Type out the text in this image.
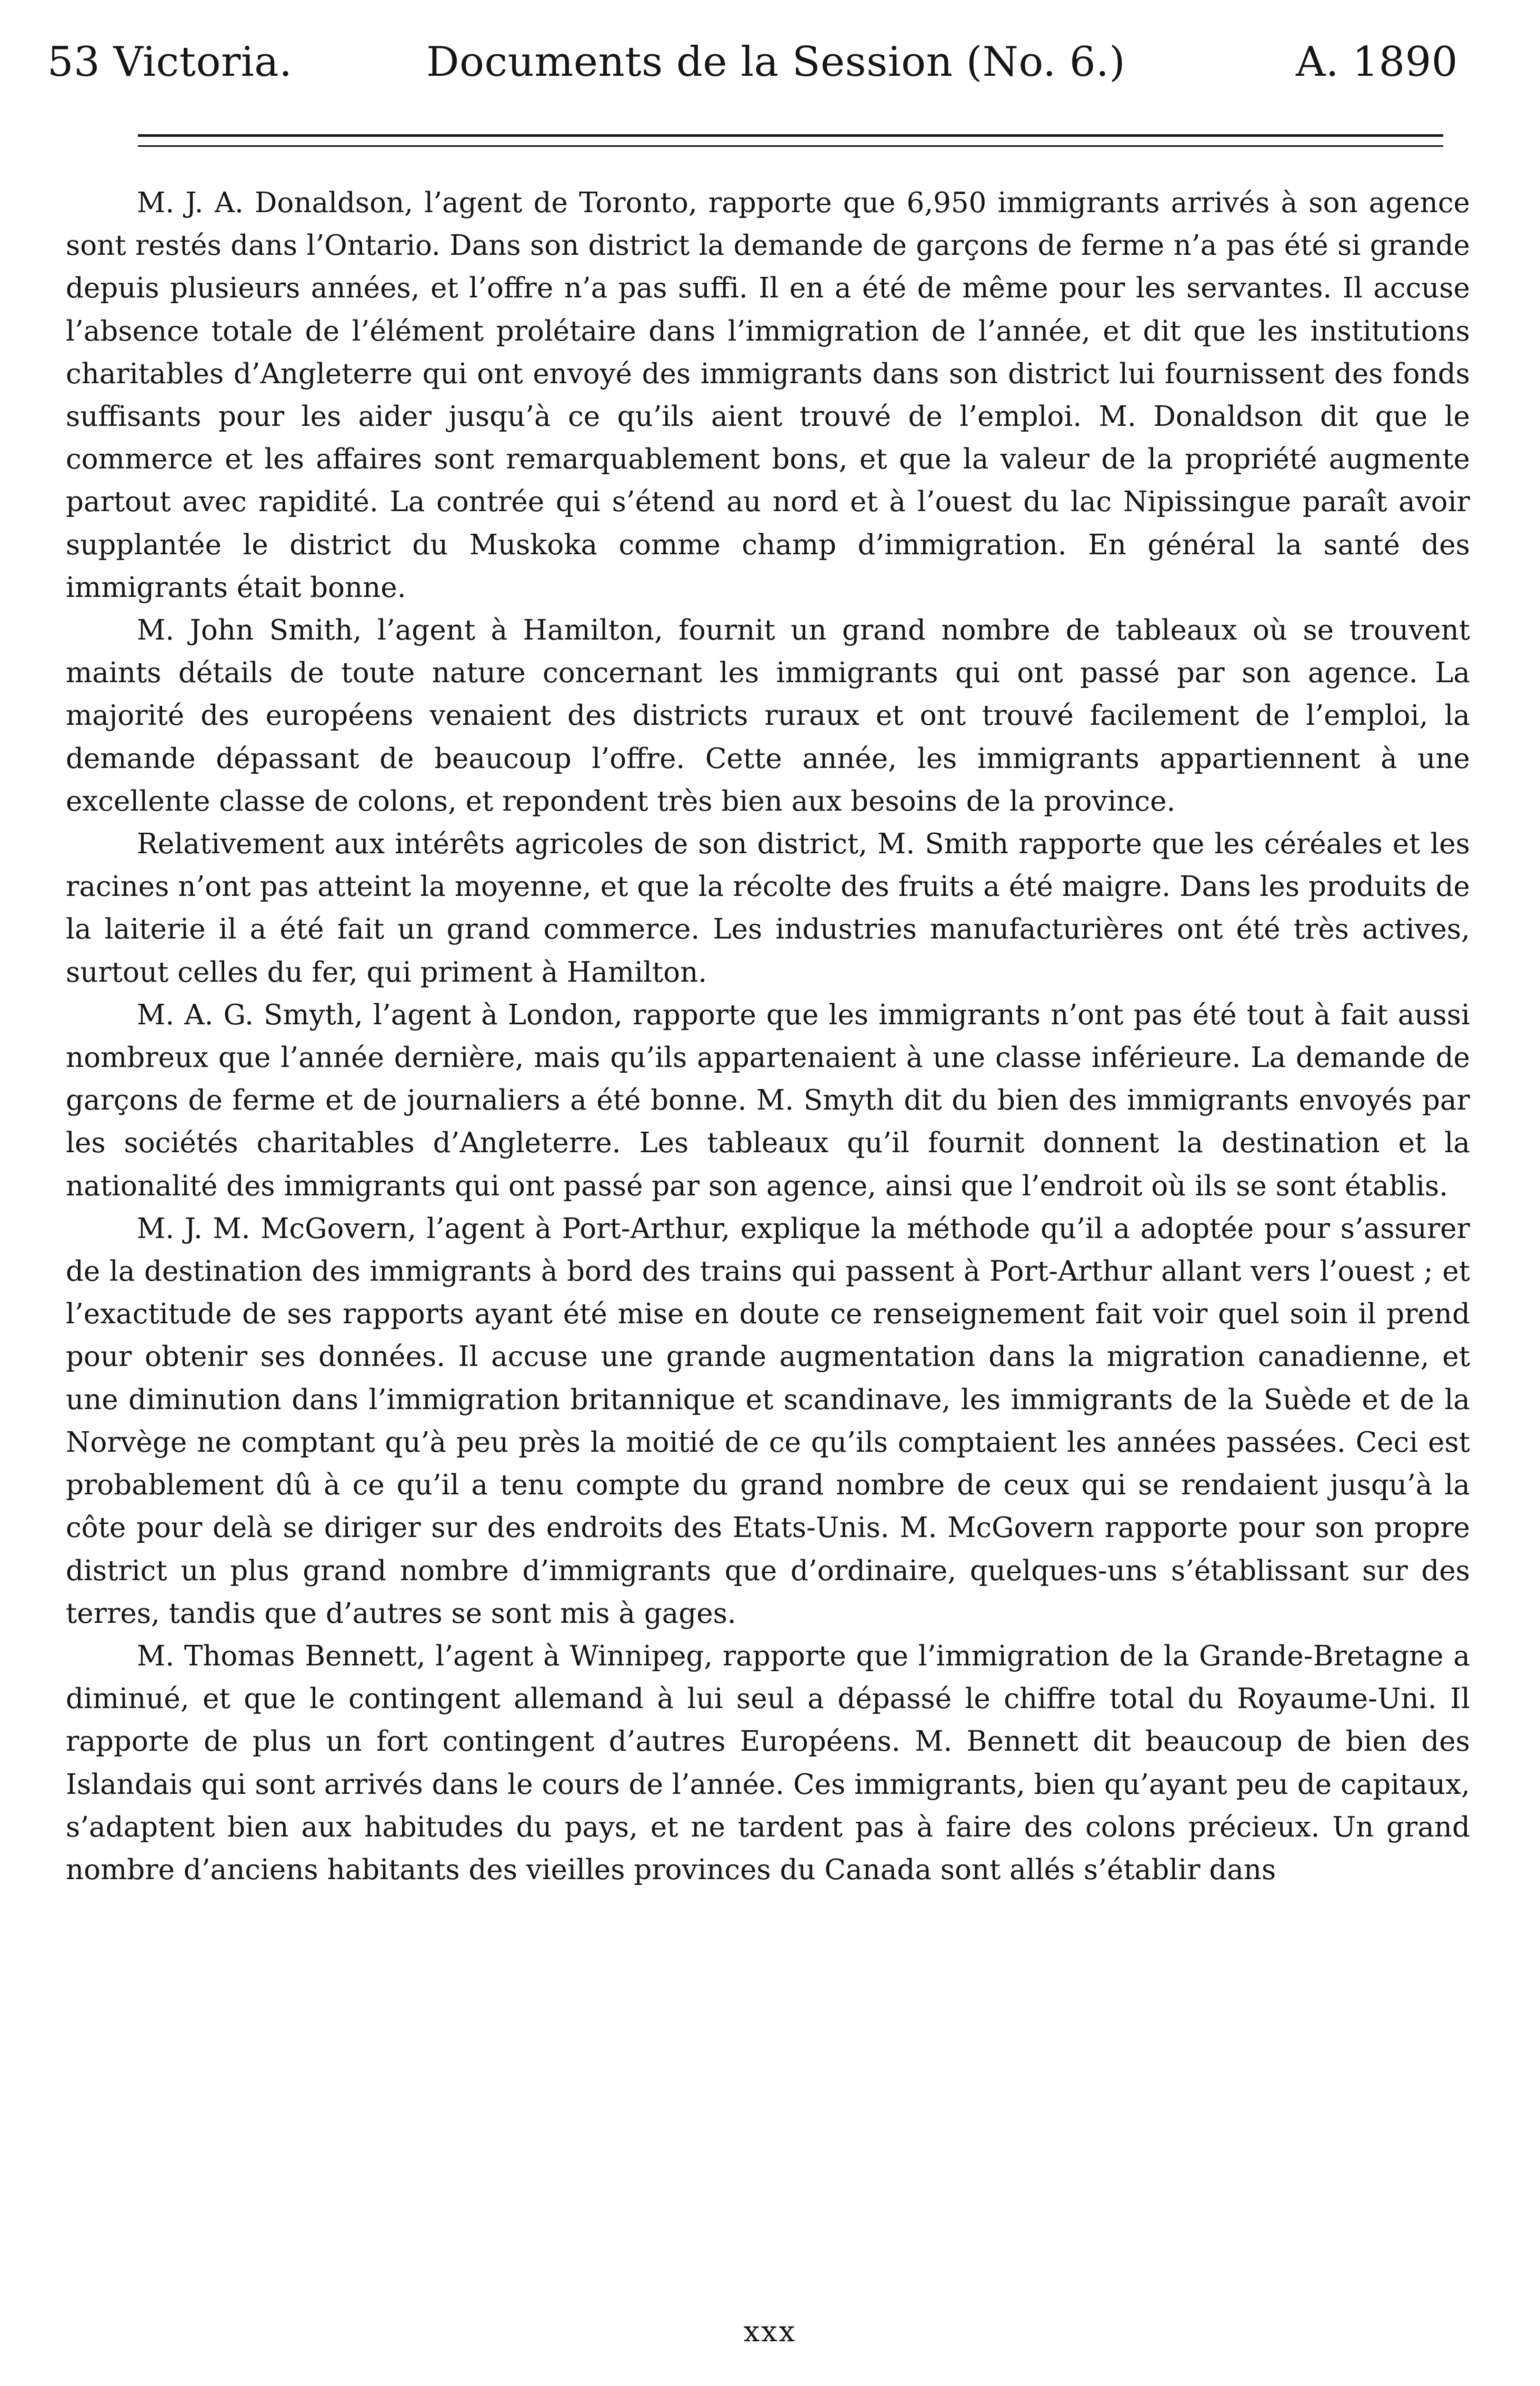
53 Victoria.	Documents de la Session (No. 6.)	A. 1890

M. J. A. Donaldson, l’agent de Toronto, rapporte que 6,950 immigrants arrivés à son agence sont restés dans l’Ontario. Dans son district la demande de garçons de ferme n’a pas été si grande depuis plusieurs années, et l’offre n’a pas suffi. Il en a été de même pour les servantes. Il accuse l’absence totale de l’élément prolétaire dans l’immigration de l’année, et dit que les institutions charitables d’Angleterre qui ont envoyé des immigrants dans son district lui fournissent des fonds suffisants pour les aider jusqu’à ce qu’ils aient trouvé de l’emploi. M. Donaldson dit que le commerce et les affaires sont remarquablement bons, et que la valeur de la propriété augmente partout avec rapidité. La contrée qui s’étend au nord et à l’ouest du lac Nipissingue paraît avoir supplantée le district du Muskoka comme champ d’immigration. En général la santé des immigrants était bonne.

M. John Smith, l’agent à Hamilton, fournit un grand nombre de tableaux où se trouvent maints détails de toute nature concernant les immigrants qui ont passé par son agence. La majorité des européens venaient des districts ruraux et ont trouvé facilement de l’emploi, la demande dépassant de beaucoup l’offre. Cette année, les immigrants appartiennent à une excellente classe de colons, et repondent très bien aux besoins de la province.

Relativement aux intérêts agricoles de son district, M. Smith rapporte que les céréales et les racines n’ont pas atteint la moyenne, et que la récolte des fruits a été maigre. Dans les produits de la laiterie il a été fait un grand commerce. Les industries manufacturières ont été très actives, surtout celles du fer, qui priment à Hamilton.

M. A. G. Smyth, l’agent à London, rapporte que les immigrants n’ont pas été tout à fait aussi nombreux que l’année dernière, mais qu’ils appartenaient à une classe inférieure. La demande de garçons de ferme et de journaliers a été bonne. M. Smyth dit du bien des immigrants envoyés par les sociétés charitables d’Angleterre. Les tableaux qu’il fournit donnent la destination et la nationalité des immigrants qui ont passé par son agence, ainsi que l’endroit où ils se sont établis.

M. J. M. McGovern, l’agent à Port-Arthur, explique la méthode qu’il a adoptée pour s’assurer de la destination des immigrants à bord des trains qui passent à Port-Arthur allant vers l’ouest ; et l’exactitude de ses rapports ayant été mise en doute ce renseignement fait voir quel soin il prend pour obtenir ses données. Il accuse une grande augmentation dans la migration canadienne, et une diminution dans l’immigration britannique et scandinave, les immigrants de la Suède et de la Norvège ne comptant qu’à peu près la moitié de ce qu’ils comptaient les années passées. Ceci est probablement dû à ce qu’il a tenu compte du grand nombre de ceux qui se rendaient jusqu’à la côte pour delà se diriger sur des endroits des Etats-Unis. M. McGovern rapporte pour son propre district un plus grand nombre d’immigrants que d’ordinaire, quelques-uns s’établissant sur des terres, tandis que d’autres se sont mis à gages.

M. Thomas Bennett, l’agent à Winnipeg, rapporte que l’immigration de la Grande-Bretagne a diminué, et que le contingent allemand à lui seul a dépassé le chiffre total du Royaume-Uni. Il rapporte de plus un fort contingent d’autres Européens. M. Bennett dit beaucoup de bien des Islandais qui sont arrivés dans le cours de l’année. Ces immigrants, bien qu’ayant peu de capitaux, s’adaptent bien aux habitudes du pays, et ne tardent pas à faire des colons précieux. Un grand nombre d’anciens habitants des vieilles provinces du Canada sont allés s’établir dans

xxx
